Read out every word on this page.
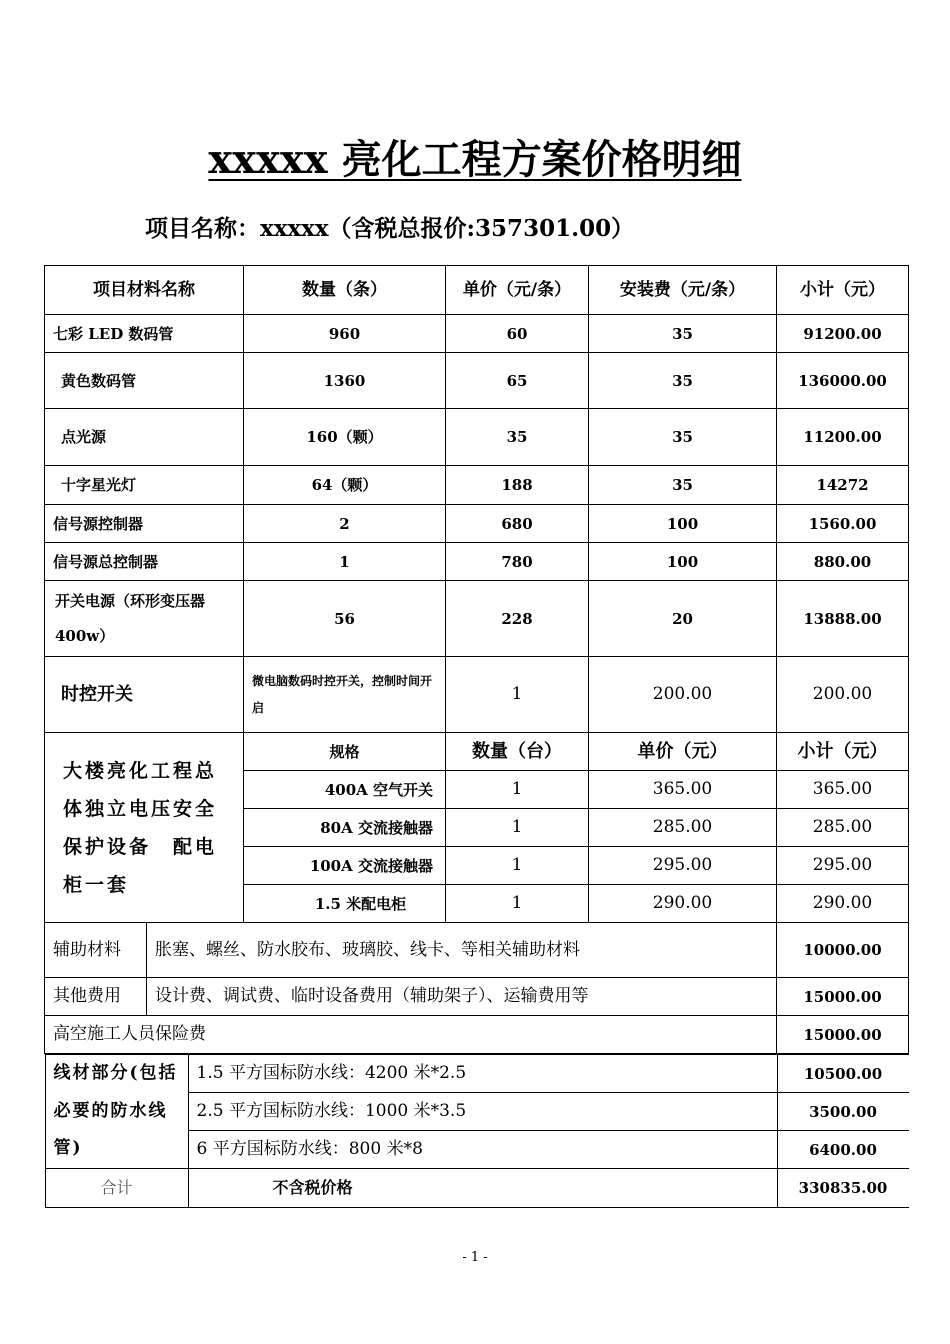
xxxxx 亮化工程方案价格明细
项目名称：xxxxx（含税总报价:357301.00）
项目材料名称	数量（条）	单价（元/条）	安装费（元/条）	小计（元）
七彩 LED 数码管	960	60	35	91200.00
黄色数码管	1360	65	35	136000.00
点光源	160（颗）	35	35	11200.00
十字星光灯	64（颗）	188	35	14272
信号源控制器	2	680	100	1560.00
信号源总控制器	1	780	100	880.00
开关电源（环形变压器 400w）	56	228	20	13888.00
时控开关	微电脑数码时控开关，控制时间开启	1	200.00	200.00
大楼亮化工程总体独立电压安全保护设备　配电柜一套	规格	数量（台）	单价（元）	小计（元）
400A 空气开关	1	365.00	365.00
80A 交流接触器	1	285.00	285.00
100A 交流接触器	1	295.00	295.00
1.5 米配电柜	1	290.00	290.00
辅助材料	胀塞、螺丝、防水胶布、玻璃胶、线卡、等相关辅助材料	10000.00
其他费用	设计费、调试费、临时设备费用（辅助架子）、运输费用等	15000.00
高空施工人员保险费	15000.00

线材部分(包括必要的防水线管)	1.5 平方国标防水线：4200 米*2.5	10500.00
2.5 平方国标防水线：1000 米*3.5	3500.00
6 平方国标防水线：800 米*8	6400.00
合计	不含税价格	330835.00
- 1 -
